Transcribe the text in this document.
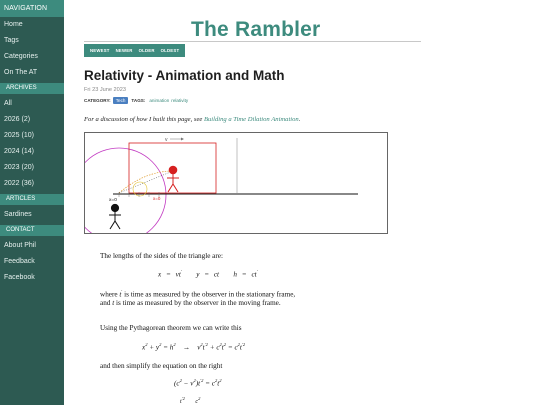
NAVIGATION
Home
Tags
Categories
On The AT
ARCHIVES
All
2026 (2)
2025 (10)
2024 (14)
2023 (20)
2022 (36)
ARTICLES
Sardines
CONTACT
About Phil
Feedback
Facebook
The Rambler
NEWEST	NEWER	OLDER	OLDEST
Relativity - Animation and Math
Fri 23 June 2023
CATEGORY:	Tech	TAGS: animation relativity
For a discussion of how I built this page, see Building a Time Dilation Animation.
v
x=0
x=0
The lengths of the sides of the triangle are:
x = vt′   y = ct   h = ct′
where t′ is time as measured by the observer in the stationary frame, and t is time as measured by the observer in the moving frame.
Using the Pythagorean theorem we can write this
$x^2 + y^2 = h^2$ →    $v^2t^{'2} + c^2t^2 = c^2t^{'2}$
and then simplify the equation on the right
$(c^2 - v^2)t^{'2} = c^2t^2$
$t^{'2}$       $c^2$
